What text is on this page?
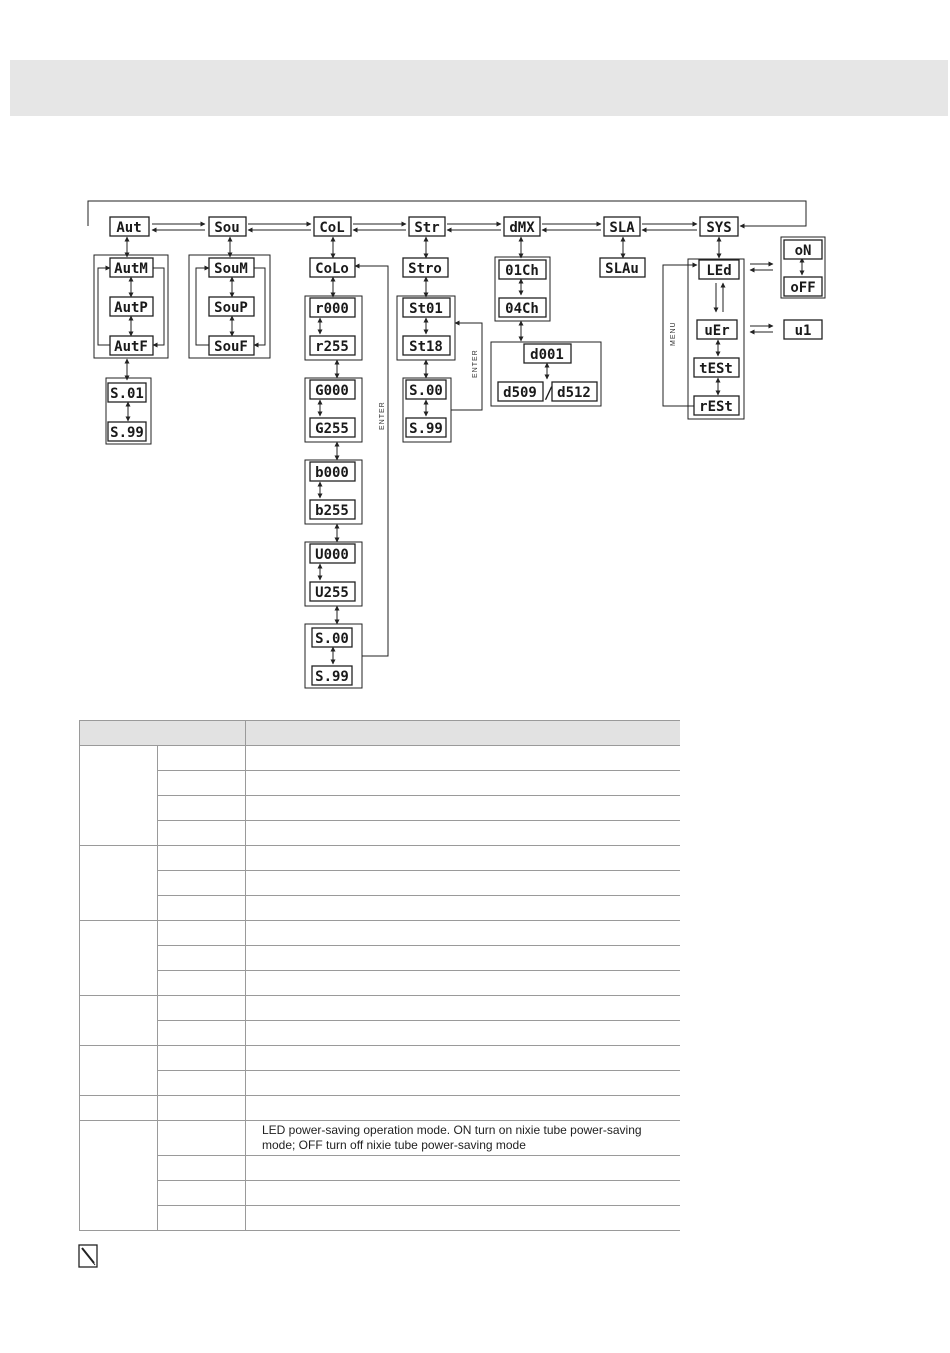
Aut	Sou	CoL	Str	dMX	SLA	SYS
AutM
AutP
AutF
S.01
S.99
SouM
SouP
SouF
CoLo
r000
r255
G000
G255
b000
b255
U000
U255
S.00
S.99
Stro
St01
St18
S.00
S.99
01Ch
04Ch
d001
d509 d512
SLAu	LEd
uEr
tESt
rESt
oN
oFF
u1
/
ENTER
ENTER
MENU

		LED power-saving operation mode. ON turn on nixie tube power-saving
mode; OFF turn off nixie tube power-saving mode
